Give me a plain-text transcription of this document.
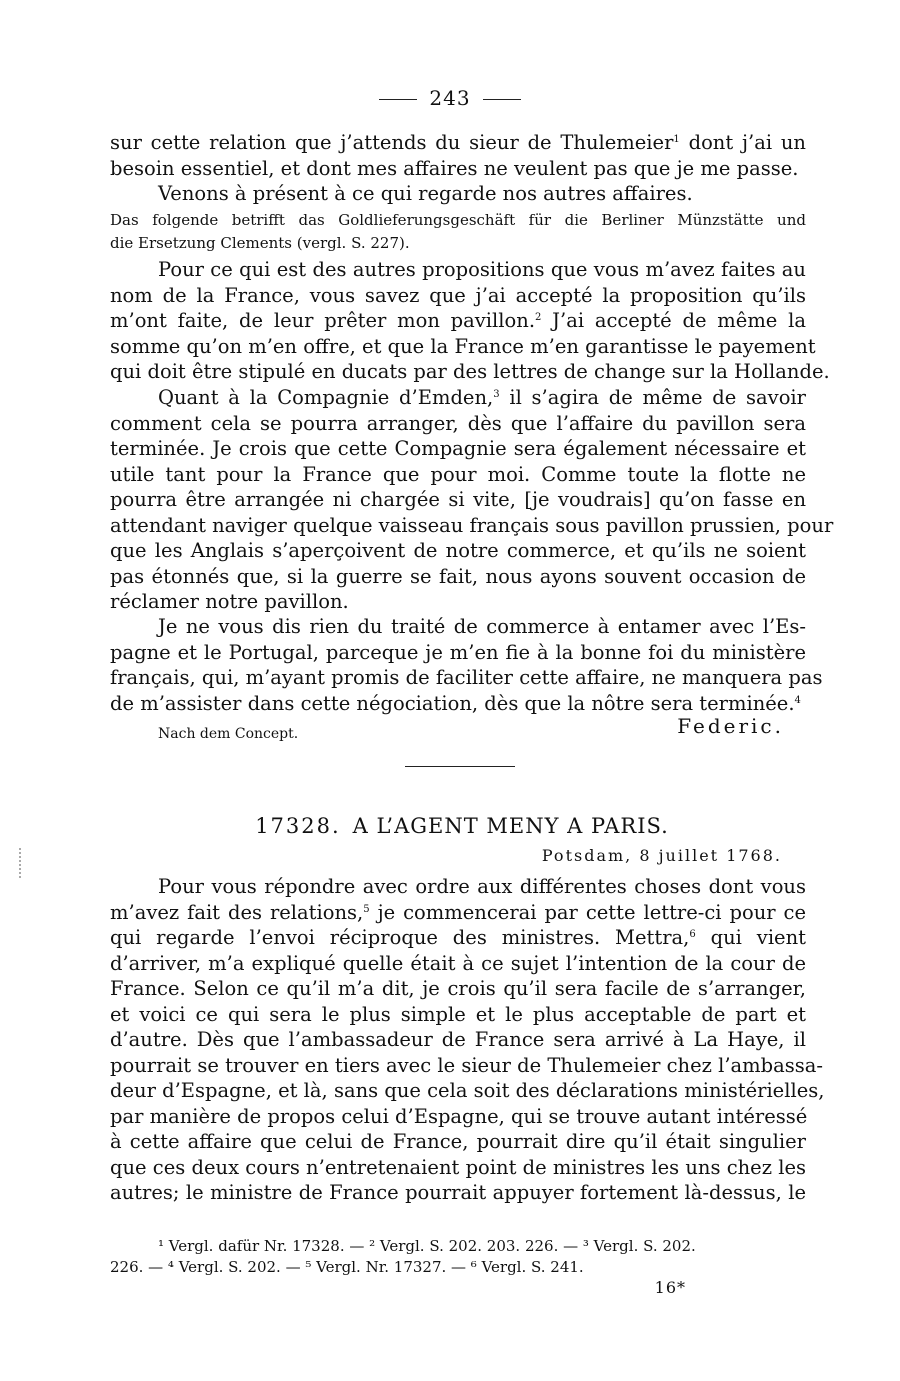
243
sur cette relation que j’attends du sieur de Thulemeier$^1$ dont j’ai un
besoin essentiel, et dont mes affaires ne veulent pas que je me passe.
Venons à présent à ce qui regarde nos autres affaires.
Das folgende betrifft das Goldlieferungsgeschäft für die Berliner Münzstätte und
die Ersetzung Clements (vergl. S. 227).
Pour ce qui est des autres propositions que vous m’avez faites au
nom de la France, vous savez que j’ai accepté la proposition qu’ils
m’ont faite, de leur prêter mon pavillon.$^2$ J’ai accepté de même la
somme qu’on m’en offre, et que la France m’en garantisse le payement
qui doit être stipulé en ducats par des lettres de change sur la Hollande.
Quant à la Compagnie d’Emden,$^3$ il s’agira de même de savoir
comment cela se pourra arranger, dès que l’affaire du pavillon sera
terminée. Je crois que cette Compagnie sera également nécessaire et
utile tant pour la France que pour moi. Comme toute la flotte ne
pourra être arrangée ni chargée si vite, [je voudrais] qu’on fasse en
attendant naviger quelque vaisseau français sous pavillon prussien, pour
que les Anglais s’aperçoivent de notre commerce, et qu’ils ne soient
pas étonnés que, si la guerre se fait, nous ayons souvent occasion de
réclamer notre pavillon.
Je ne vous dis rien du traité de commerce à entamer avec l’Es-
pagne et le Portugal, parceque je m’en fie à la bonne foi du ministère
français, qui, m’ayant promis de faciliter cette affaire, ne manquera pas
de m’assister dans cette négociation, dès que la nôtre sera terminée.$^4$
Nach dem Concept.	Federic.
17328. A L’AGENT MENY A PARIS.
Potsdam, 8 juillet 1768.
Pour vous répondre avec ordre aux différentes choses dont vous
m’avez fait des relations,$^5$ je commencerai par cette lettre-ci pour ce
qui regarde l’envoi réciproque des ministres. Mettra,$^6$ qui vient
d’arriver, m’a expliqué quelle était à ce sujet l’intention de la cour de
France. Selon ce qu’il m’a dit, je crois qu’il sera facile de s’arranger,
et voici ce qui sera le plus simple et le plus acceptable de part et
d’autre. Dès que l’ambassadeur de France sera arrivé à La Haye, il
pourrait se trouver en tiers avec le sieur de Thulemeier chez l’ambassa-
deur d’Espagne, et là, sans que cela soit des déclarations ministérielles,
par manière de propos celui d’Espagne, qui se trouve autant intéressé
à cette affaire que celui de France, pourrait dire qu’il était singulier
que ces deux cours n’entretenaient point de ministres les uns chez les
autres; le ministre de France pourrait appuyer fortement là-dessus, le
¹ Vergl. dafür Nr. 17328. — ² Vergl. S. 202. 203. 226. — ³ Vergl. S. 202.
226. — ⁴ Vergl. S. 202. — ⁵ Vergl. Nr. 17327. — ⁶ Vergl. S. 241.
16*
